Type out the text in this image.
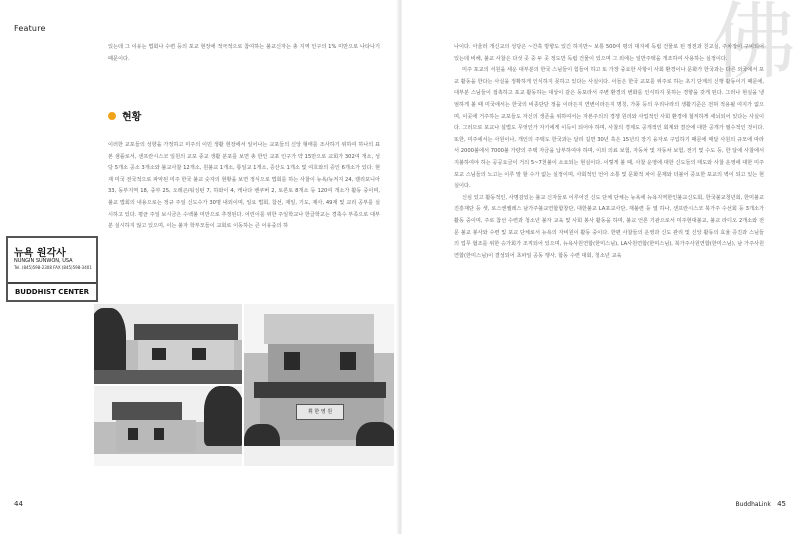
Feature

있는데 그 이유는 법회나 수련 등의 포교 현장에 적극적으로 참여하는 불교신자는 총 지역 인구의 1% 미만으로 나타나기 때문이다.

현황

이러한 교포들의 성향을 가정하고 미주의 이민 생활 현장에서 일어나는 교포들의 신앙 형태를 조사하기 위하여 하나의 표본 샘플로서, 샌프란시스코 일원의 교포 종교 생활 분포를 보면 총 한인 교포 인구가 약 15만으로 교회가 302여 개소, 성당 5개소 공소 3개소와 불교사찰 12개소, 원불교 1개소, 통일교 1개소, 증산도 1개소 및 여호와의 증인 6개소가 있다. 현재 미국 전국적으로 파악된 미주 한국 불교 숫자의 현황을 보면 정식으로 법회를 하는 사찰이 뉴욕/뉴저지 24, 캘리포니아 33, 동부지역 18, 중부 25, 오레곤/워싱턴 7, 하와이 4, 캐나다 밴쿠버 2, 토론토 8개소 등 120여 개소가 활동 중이며, 불교 법회의 내용으로는 정규 주일 신도수가 30명 내외이며, 일요 법회, 참선, 재일, 기도, 제사, 49재 및 교리 공부를 실시하고 있다. 평균 주일 보시금은 수백불 미만으로 추정된다. 어린이를 위한 주일학교나 한글학교는 경축수 부족으로 대부분 실시하지 않고 있으며, 이는 불자 학부모들이 교회로 이동하는 큰 이유중의 하

뉴욕 원각사
NUNGIN SUNWON, USA
Tel. (845)598-2308 FAX (845)598-3401
BUDDHIST CENTER
휘 한 영 원
44
佛

나이다. 아울러 개신교의 성당은 ~간혹 방향도 있긴 하지만~ 보통 500여 평의 대지에 독립 건물로 된 정전과 친교실, 주차장이 구비되어 있는데 비해, 불교 사찰은 다섯 곳 중 두 곳 정도만 독립 건물이 있으며 그 외에는 일반주택을 개조하여 사용하는 실정이다.

미주 포교의 서원을 세운 대부분의 한국 스님들이 힘들어 하고 또 가장 중요한 사항이 사회 환경이나 문화가 한국과는 다른 외국에서 포교 활동을 한다는 사실을 정확하게 인식하지 못하고 있다는 사실이다. 이들은 한국 교포를 위주로 하는 초기 단계의 신행 활동이기 때문에, 대부분 스님들이 접촉하고 포교 활동하는 대상이 같은 동포라서 주변 환경의 변화를 인식하지 못하는 경향을 갖게 된다. 그러나 현실을 냉엄하게 볼 때 미국에서는 한국의 비종단단 정을 이라든지 연변이라든지 명칭, 가풍 등의 우리나라의 생활기준은 전혀 적용될 여지가 없으며, 이곳에 거주하는 교포들도 자신의 생존을 위하여서는 자본주의의 경쟁 원리와 사업적인 사회 환경에 철저하게 세뇌되어 있다는 사실이다. 그러므로 포교나 설법도 무엇인가 자기에게 이득이 되어야 하며, 사찰의 경제도 공개적인 회계와 결산에 대한 공개가 필수적인 것이다. 또한, 미주에서는 사원이나, 개인의 주택도 한국과는 달리 길면 30년 혹은 15년의 장기 융자로 구입하기 때문에 매달 사원의 규모에 따라서 2000불에서 7000불 가량의 주택 자금을 납부하여야 하며, 이외 의료 보험, 자동차 및 자동차 보험, 전기 및 수도 등, 한 달에 사찰에서 지불하여야 하는 공공요금이 거의 5~7천불이 소요되는 현실이다. 이렇게 볼 때, 사찰 운영에 대한 신도들의 태도와 사찰 운영에 대한 미주 포교 스님들의 노고는 이루 말 할 수가 없는 실정이며, 사회적인 언어 소통 및 문화적 차이 문제와 더불어 중요한 포교의 벽이 되고 있는 현실이다.

신심 있고 활동적인, 사명감있는 불교 신자들로 이루어진 신도 단체 단체는 뉴욕에 뉴욕지역한인불교신도회, 한국불교청년회, 한미불교진흥재단 등 셋, 로스앤젤레스 남가주불교연합합창단, 대한불교 LA포교사단, 재불련 등 열 하나, 샌프란시스코 북가주 수선회 등 3개소가 활동 중이며, 주로 참선 수련과 청소년 불자 교육 및 사회 봉사 활동을 하며, 불교 언론 기관으로서 미주현대불교, 불교 라디오 2개소와 전문 불교 봉사와 수련 및 포교 단체로서 뉴욕의 자비원이 활동 중이다. 한편 사찰들의 운영과 신도 관리 및 신앙 활동의 효율 증진과 스님들의 업무 협조를 위한 승가회가 조직되어 있으며, 뉴욕사원연합(한미스님), LA사원연합(한미스님), 북가주사원연합(한미스님), 남 가주사원연합(한미스님)이 결성되어 초파일 공동 행사, 합동 수련 대회, 청소년 교육

BuddhaLink 45
